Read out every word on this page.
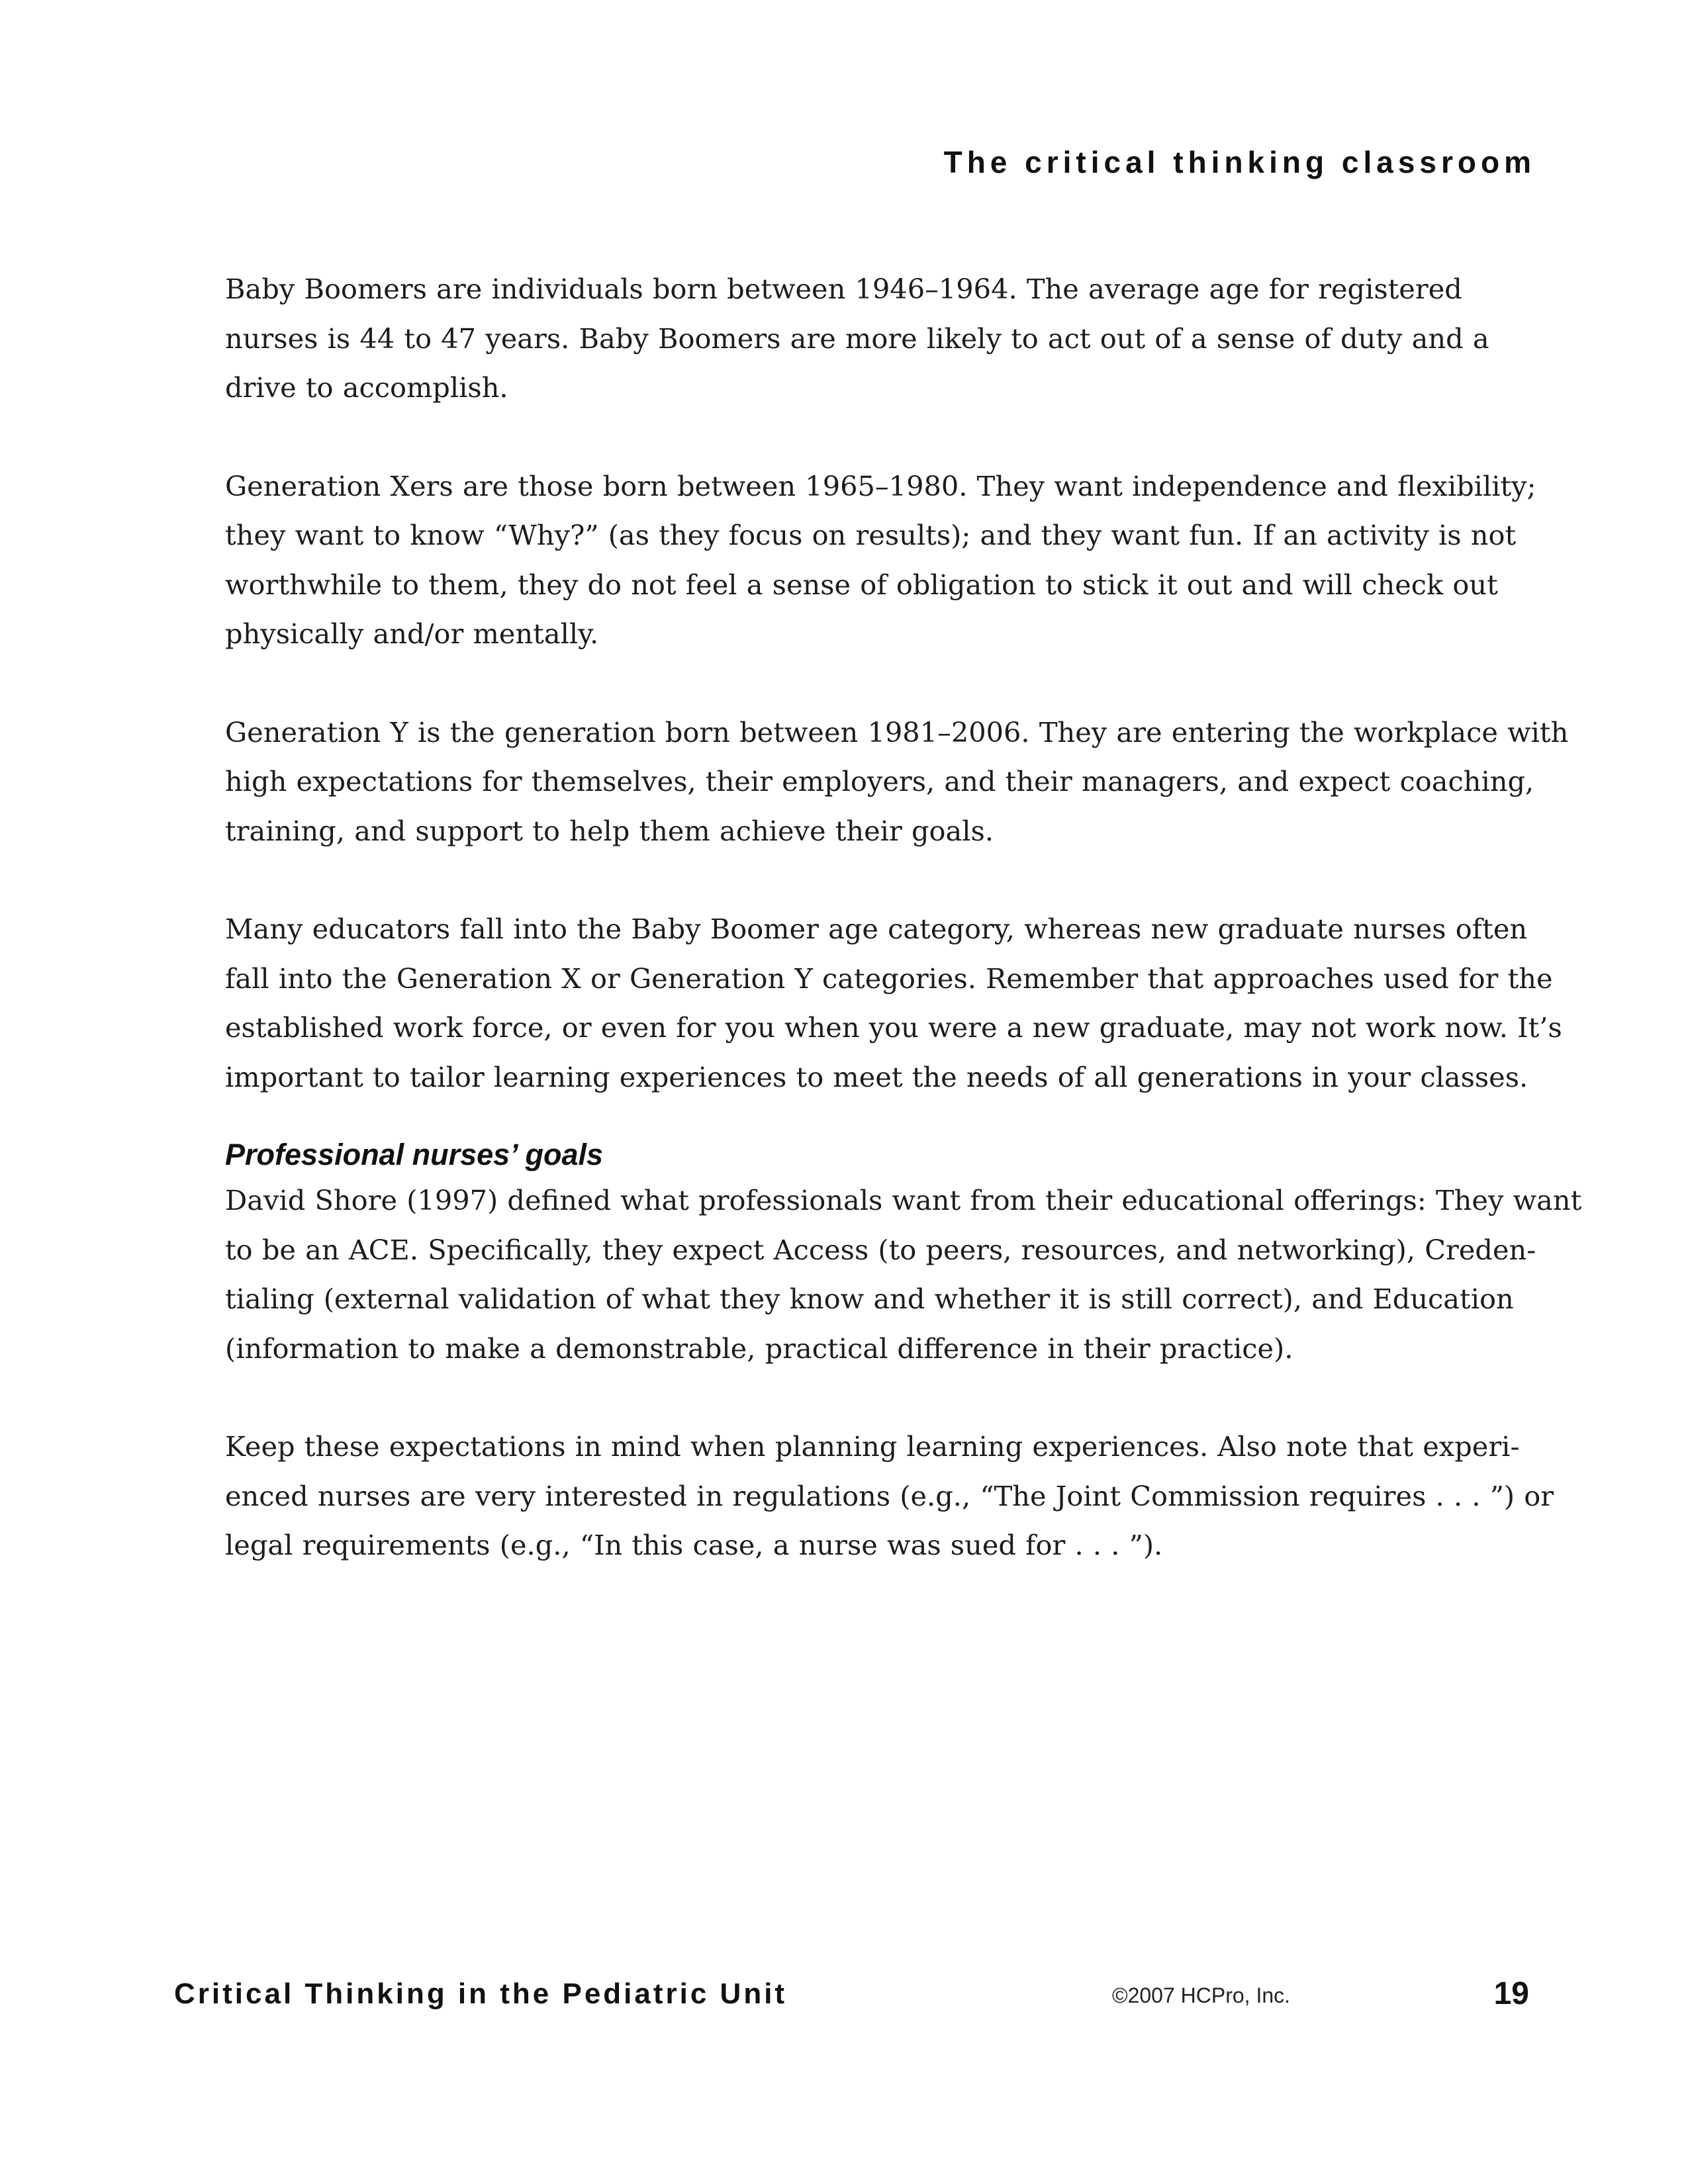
The critical thinking classroom

Baby Boomers are individuals born between 1946–1964. The average age for registered
nurses is 44 to 47 years. Baby Boomers are more likely to act out of a sense of duty and a
drive to accomplish.

Generation Xers are those born between 1965–1980. They want independence and flexibility;
they want to know “Why?” (as they focus on results); and they want fun. If an activity is not
worthwhile to them, they do not feel a sense of obligation to stick it out and will check out
physically and/or mentally.

Generation Y is the generation born between 1981–2006. They are entering the workplace with
high expectations for themselves, their employers, and their managers, and expect coaching,
training, and support to help them achieve their goals.

Many educators fall into the Baby Boomer age category, whereas new graduate nurses often
fall into the Generation X or Generation Y categories. Remember that approaches used for the
established work force, or even for you when you were a new graduate, may not work now. It’s
important to tailor learning experiences to meet the needs of all generations in your classes.

Professional nurses’ goals

David Shore (1997) defined what professionals want from their educational offerings: They want
to be an ACE. Specifically, they expect Access (to peers, resources, and networking), Creden-
tialing (external validation of what they know and whether it is still correct), and Education
(information to make a demonstrable, practical difference in their practice).

Keep these expectations in mind when planning learning experiences. Also note that experi-
enced nurses are very interested in regulations (e.g., “The Joint Commission requires . . . ”) or
legal requirements (e.g., “In this case, a nurse was sued for . . . ”).

Critical Thinking in the Pediatric Unit	©2007 HCPro, Inc.	19
